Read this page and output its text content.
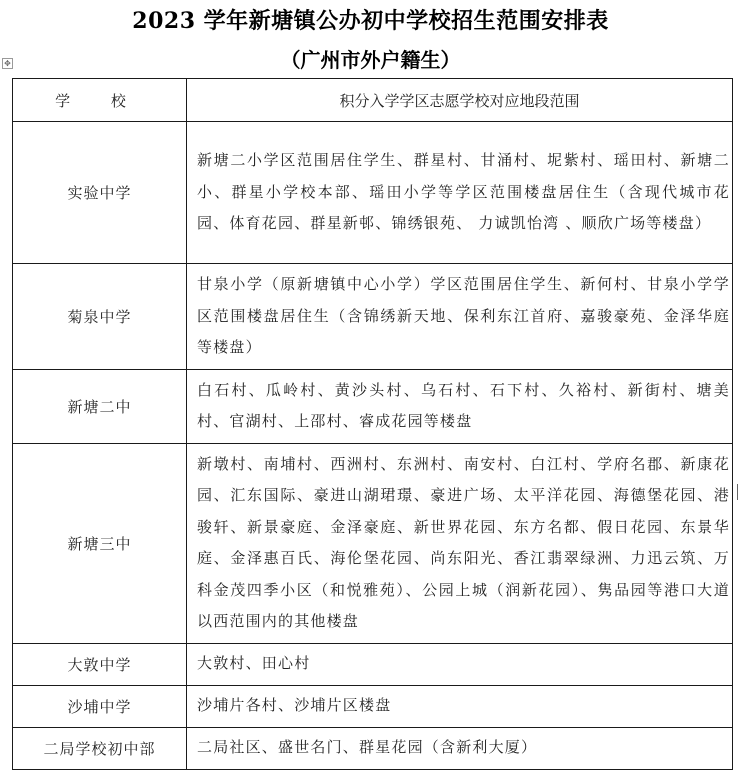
2023 学年新塘镇公办初中学校招生范围安排表
（广州市外户籍生）
✥
学 校	积分入学学区志愿学校对应地段范围
实验中学	新塘二小学区范围居住学生、群星村、甘涌村、坭紫村、瑶田村、新塘二小、群星小学校本部、瑶田小学等学区范围楼盘居住生（含现代城市花园、体育花园、群星新邨、锦绣银苑、 力诚凯怡湾 、顺欣广场等楼盘）
菊泉中学	甘泉小学（原新塘镇中心小学）学区范围居住学生、新何村、甘泉小学学区范围楼盘居住生（含锦绣新天地、保利东江首府、嘉骏豪苑、金泽华庭等楼盘）
新塘二中	白石村、瓜岭村、黄沙头村、乌石村、石下村、久裕村、新街村、塘美村、官湖村、上邵村、睿成花园等楼盘
新塘三中	新墩村、南埔村、西洲村、东洲村、南安村、白江村、学府名郡、新康花园、汇东国际、豪进山湖珺璟、豪进广场、太平洋花园、海德堡花园、港骏轩、新景豪庭、金泽豪庭、新世界花园、东方名都、假日花园、东景华庭、金泽惠百氏、海伦堡花园、尚东阳光、香江翡翠绿洲、力迅云筑、万科金茂四季小区（和悦雅苑）、公园上城（润新花园）、隽品园等港口大道以西范围内的其他楼盘
大敦中学	大敦村、田心村
沙埔中学	沙埔片各村、沙埔片区楼盘
二局学校初中部	二局社区、盛世名门、群星花园（含新利大厦）
